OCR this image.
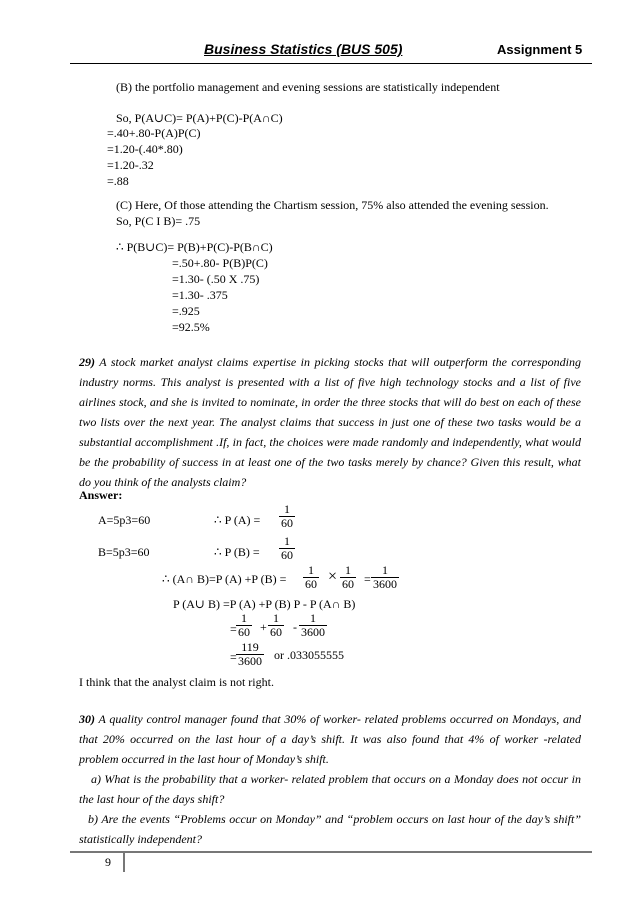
Business Statistics (BUS 505)	Assignment 5
(B) the portfolio management and evening sessions are statistically independent
So, P(A∪C)= P(A)+P(C)-P(A∩C)
=.40+.80-P(A)P(C)
=1.20-(.40*.80)
=1.20-.32
=.88
(C) Here, Of those attending the Chartism session, 75% also attended the evening session.
So, P(C I B)= .75
∴ P(B∪C)= P(B)+P(C)-P(B∩C)
=.50+.80- P(B)P(C)
=1.30- (.50 X .75)
=1.30- .375
=.925
=92.5%
29) A stock market analyst claims expertise in picking stocks that will outperform the corresponding industry norms. This analyst is presented with a list of five high technology stocks and a list of five airlines stock, and she is invited to nominate, in order the three stocks that will do best on each of these two lists over the next year. The analyst claims that success in just one of these two tasks would be a substantial accomplishment .If, in fact, the choices were made randomly and independently, what would be the probability of success in at least one of the two tasks merely by chance? Given this result, what do you think of the analysts claim?
Answer:
A=5p3=60	∴ P $(A) = \frac{1}{60}$
B=5p3=60	∴ P $(B) = \frac{1}{60}$
∴ (A∩ B)=P (A) +P $(B) = \frac{1}{60} \times \frac{1}{60} = \frac{1}{3600}$
P (A∪ B) =P (A) +P (B) P - P (A∩ B)
= $\frac{1}{60} + \frac{1}{60} - \frac{1}{3600}$
= $\frac{119}{3600}$ or .033055555
I think that the analyst claim is not right.
30) A quality control manager found that 30% of worker- related problems occurred on Mondays, and that 20% occurred on the last hour of a day’s shift. It was also found that 4% of worker -related problem occurred in the last hour of Monday’s shift.
a) What is the probability that a worker- related problem that occurs on a Monday does not occur in the last hour of the days shift?
b) Are the events “Problems occur on Monday” and “problem occurs on last hour of the day’s shift” statistically independent?
9
